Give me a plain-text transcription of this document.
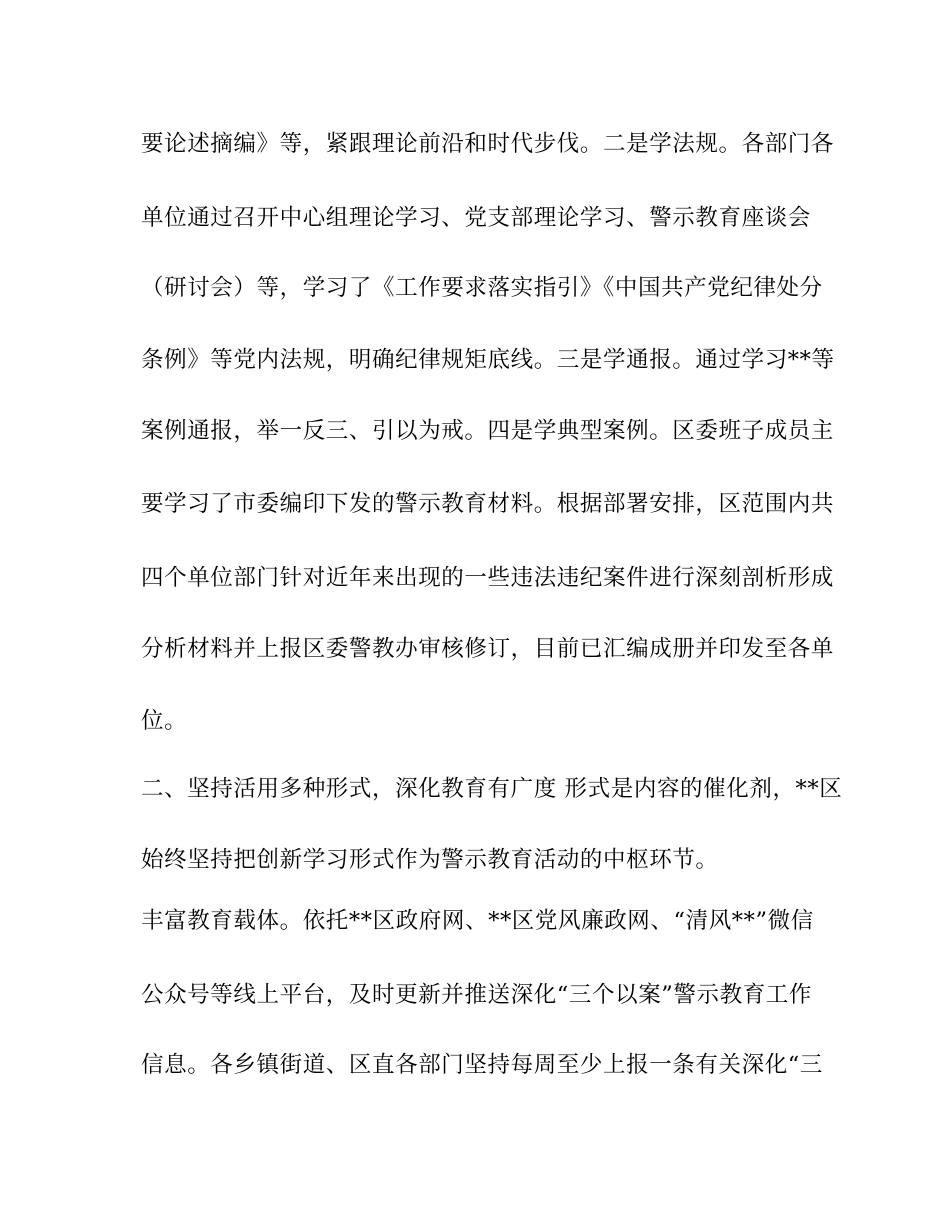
要论述摘编》等，紧跟理论前沿和时代步伐。二是学法规。各部门各
单位通过召开中心组理论学习、党支部理论学习、警示教育座谈会
（研讨会）等，学习了《工作要求落实指引》《中国共产党纪律处分
条例》等党内法规，明确纪律规矩底线。三是学通报。通过学习**等
案例通报，举一反三、引以为戒。四是学典型案例。区委班子成员主
要学习了市委编印下发的警示教育材料。根据部署安排，区范围内共
四个单位部门针对近年来出现的一些违法违纪案件进行深刻剖析形成
分析材料并上报区委警教办审核修订，目前已汇编成册并印发至各单
位。
二、坚持活用多种形式，深化教育有广度 形式是内容的催化剂，**区
始终坚持把创新学习形式作为警示教育活动的中枢环节。
丰富教育载体。依托**区政府网、**区党风廉政网、“清风**”微信
公众号等线上平台，及时更新并推送深化“三个以案”警示教育工作
信息。各乡镇街道、区直各部门坚持每周至少上报一条有关深化“三
